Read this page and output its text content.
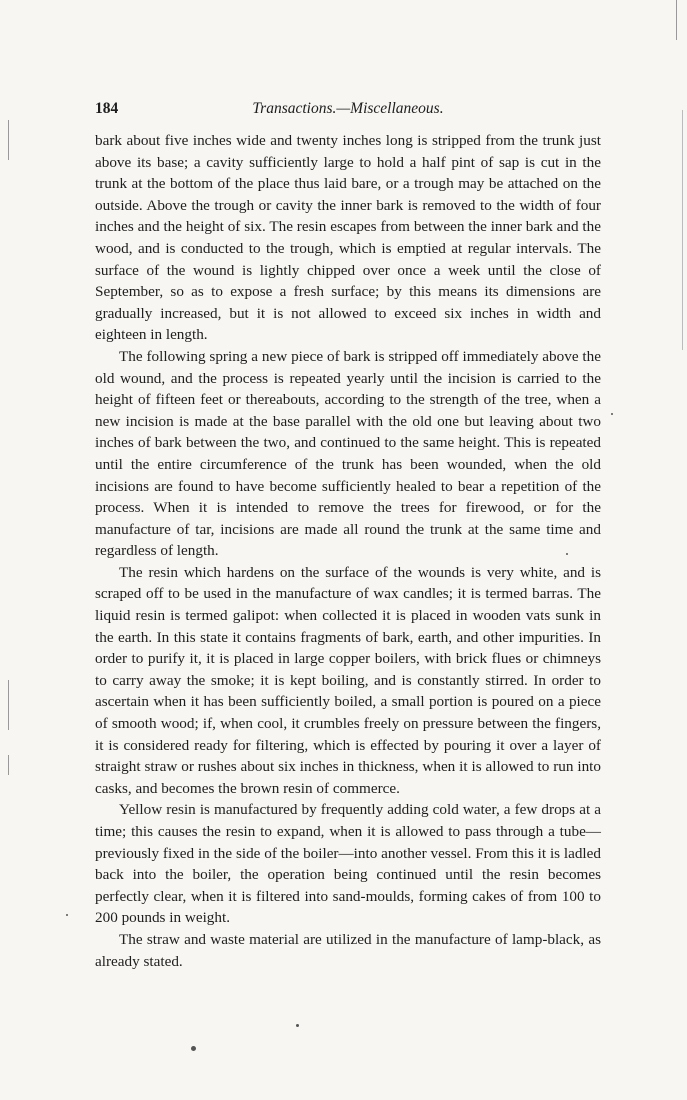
184	Transactions.—Miscellaneous.

bark about five inches wide and twenty inches long is stripped from the trunk just above its base; a cavity sufficiently large to hold a half pint of sap is cut in the trunk at the bottom of the place thus laid bare, or a trough may be attached on the outside. Above the trough or cavity the inner bark is removed to the width of four inches and the height of six. The resin escapes from between the inner bark and the wood, and is conducted to the trough, which is emptied at regular intervals. The surface of the wound is lightly chipped over once a week until the close of September, so as to expose a fresh surface; by this means its dimensions are gradually increased, but it is not allowed to exceed six inches in width and eighteen in length.

The following spring a new piece of bark is stripped off immediately above the old wound, and the process is repeated yearly until the incision is carried to the height of fifteen feet or thereabouts, according to the strength of the tree, when a new incision is made at the base parallel with the old one but leaving about two inches of bark between the two, and continued to the same height. This is repeated until the entire circumference of the trunk has been wounded, when the old incisions are found to have become sufficiently healed to bear a repetition of the process. When it is intended to remove the trees for firewood, or for the manufacture of tar, incisions are made all round the trunk at the same time and regardless of length.

The resin which hardens on the surface of the wounds is very white, and is scraped off to be used in the manufacture of wax candles; it is termed barras. The liquid resin is termed galipot: when collected it is placed in wooden vats sunk in the earth. In this state it contains fragments of bark, earth, and other impurities. In order to purify it, it is placed in large copper boilers, with brick flues or chimneys to carry away the smoke; it is kept boiling, and is constantly stirred. In order to ascertain when it has been sufficiently boiled, a small portion is poured on a piece of smooth wood; if, when cool, it crumbles freely on pressure between the fingers, it is considered ready for filtering, which is effected by pouring it over a layer of straight straw or rushes about six inches in thickness, when it is allowed to run into casks, and becomes the brown resin of commerce.

Yellow resin is manufactured by frequently adding cold water, a few drops at a time; this causes the resin to expand, when it is allowed to pass through a tube—previously fixed in the side of the boiler—into another vessel. From this it is ladled back into the boiler, the operation being continued until the resin becomes perfectly clear, when it is filtered into sand-moulds, forming cakes of from 100 to 200 pounds in weight.

The straw and waste material are utilized in the manufacture of lamp-black, as already stated.
